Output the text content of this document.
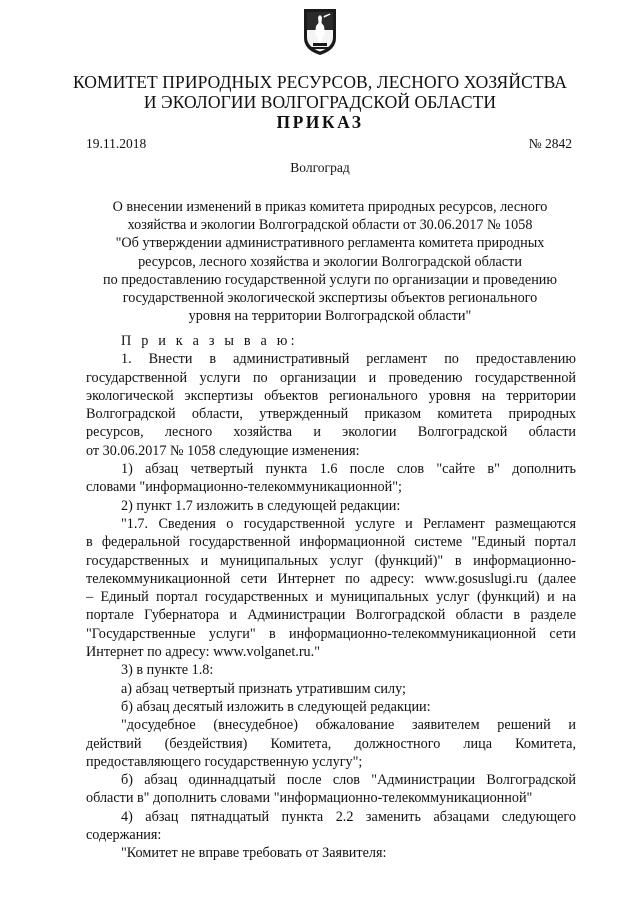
КОМИТЕТ ПРИРОДНЫХ РЕСУРСОВ, ЛЕСНОГО ХОЗЯЙСТВА
И ЭКОЛОГИИ ВОЛГОГРАДСКОЙ ОБЛАСТИ
ПРИКАЗ
19.11.2018	№ 2842
Волгоград
О внесении изменений в приказ комитета природных ресурсов, лесного
хозяйства и экологии Волгоградской области от 30.06.2017 № 1058
"Об утверждении административного регламента комитета природных
ресурсов, лесного хозяйства и экологии Волгоградской области
по предоставлению государственной услуги по организации и проведению
государственной экологической экспертизы объектов регионального
уровня на территории Волгоградской области"
П р и к а з ы в а ю:
1. Внести в административный регламент по предоставлению
государственной услуги по организации и проведению государственной
экологической экспертизы объектов регионального уровня на территории
Волгоградской области, утвержденный приказом комитета природных
ресурсов, лесного хозяйства и экологии Волгоградской области
от 30.06.2017 № 1058 следующие изменения:
1) абзац четвертый пункта 1.6 после слов "сайте в" дополнить
словами "информационно-телекоммуникационной";
2) пункт 1.7 изложить в следующей редакции:
"1.7. Сведения о государственной услуге и Регламент размещаются
в федеральной государственной информационной системе "Единый портал
государственных и муниципальных услуг (функций)" в информационно-
телекоммуникационной сети Интернет по адресу: www.gosuslugi.ru (далее
– Единый портал государственных и муниципальных услуг (функций) и на
портале Губернатора и Администрации Волгоградской области в разделе
"Государственные услуги" в информационно-телекоммуникационной сети
Интернет по адресу: www.volganet.ru."
3) в пункте 1.8:
а) абзац четвертый признать утратившим силу;
б) абзац десятый изложить в следующей редакции:
"досудебное (внесудебное) обжалование заявителем решений и
действий (бездействия) Комитета, должностного лица Комитета,
предоставляющего государственную услугу";
б) абзац одиннадцатый после слов "Администрации Волгоградской
области в" дополнить словами "информационно-телекоммуникационной"
4) абзац пятнадцатый пункта 2.2 заменить абзацами следующего
содержания:
"Комитет не вправе требовать от Заявителя:
